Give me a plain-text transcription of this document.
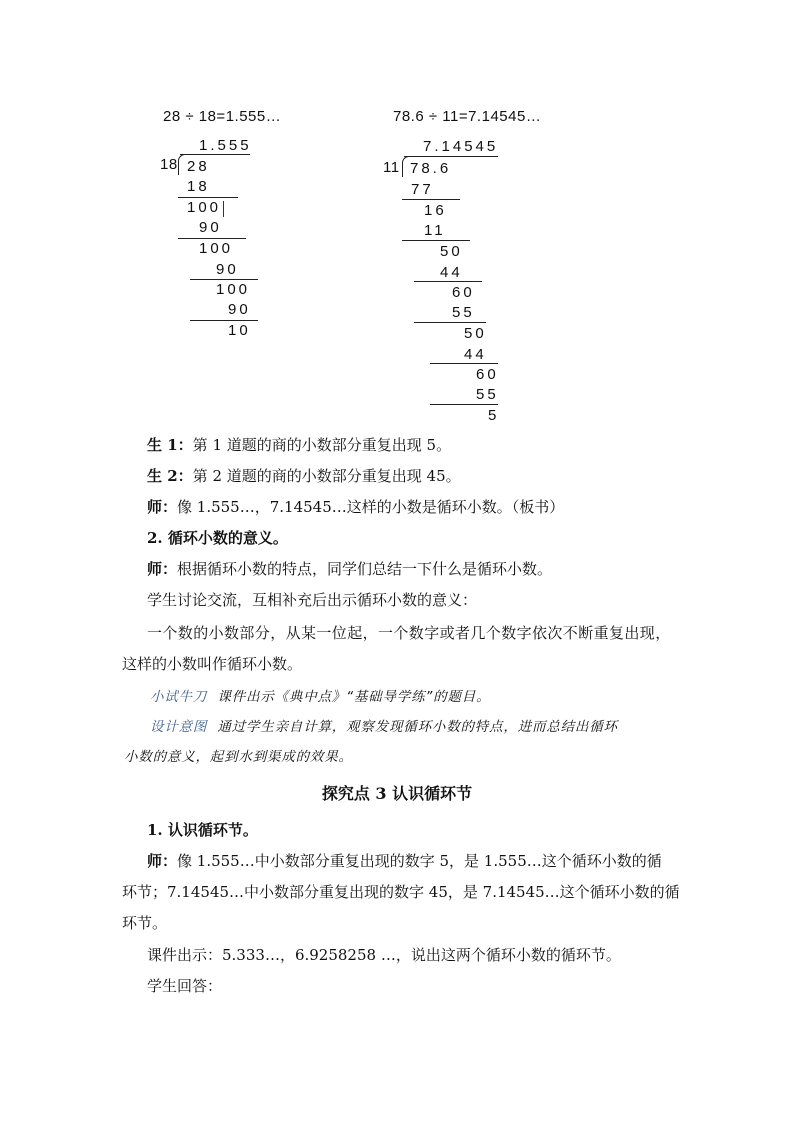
28 ÷ 18=1.555…
1.555
18 28
18
100
90
100
90
100
90
10
78.6 ÷ 11=7.14545…
7.14545
11 78.6
77
16
11
50
44
60
55
50
44
60
55
5
生 1：第 1 道题的商的小数部分重复出现 5。
生 2：第 2 道题的商的小数部分重复出现 45。
师：像 1.555…，7.14545…这样的小数是循环小数。（板书）
2. 循环小数的意义。
师：根据循环小数的特点，同学们总结一下什么是循环小数。
学生讨论交流，互相补充后出示循环小数的意义：
一个数的小数部分，从某一位起，一个数字或者几个数字依次不断重复出现，
这样的小数叫作循环小数。
小试牛刀 课件出示《典中点》“基础导学练”的题目。
设计意图 通过学生亲自计算，观察发现循环小数的特点，进而总结出循环
小数的意义，起到水到渠成的效果。
探究点 3 认识循环节
1. 认识循环节。
师：像 1.555…中小数部分重复出现的数字 5，是 1.555…这个循环小数的循
环节；7.14545…中小数部分重复出现的数字 45，是 7.14545…这个循环小数的循
环节。
课件出示：5.333…，6.9258258 …，说出这两个循环小数的循环节。
学生回答：
